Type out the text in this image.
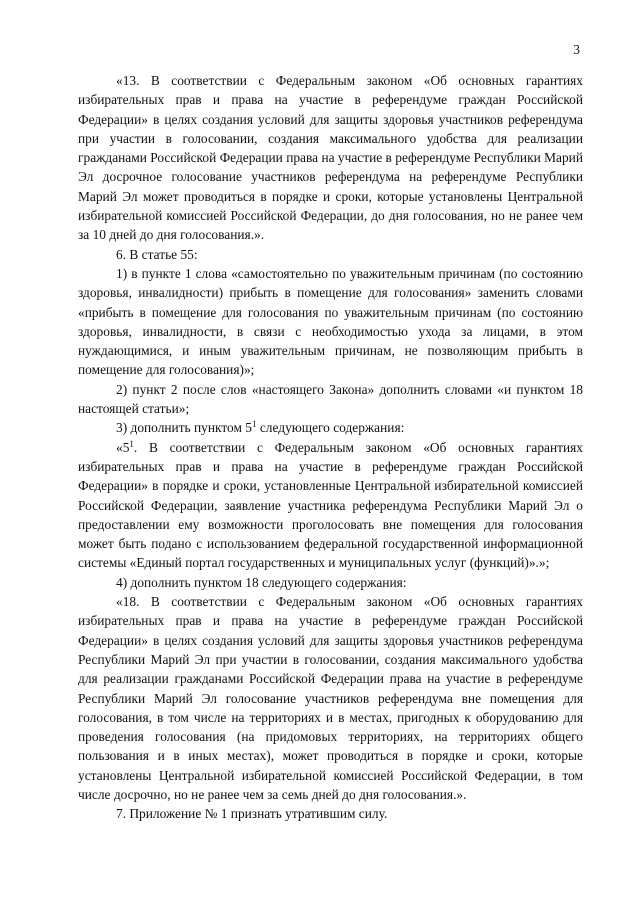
3

«13. В соответствии с Федеральным законом «Об основных гарантиях избирательных прав и права на участие в референдуме граждан Российской Федерации» в целях создания условий для защиты здоровья участников референдума при участии в голосовании, создания максимального удобства для реализации гражданами Российской Федерации права на участие в референдуме Республики Марий Эл досрочное голосование участников референдума на референдуме Республики Марий Эл может проводиться в порядке и сроки, которые установлены Центральной избирательной комиссией Российской Федерации, до дня голосования, но не ранее чем за 10 дней до дня голосования.».

6. В статье 55:

1) в пункте 1 слова «самостоятельно по уважительным причинам (по состоянию здоровья, инвалидности) прибыть в помещение для голосования» заменить словами «прибыть в помещение для голосования по уважительным причинам (по состоянию здоровья, инвалидности, в связи с необходимостью ухода за лицами, в этом нуждающимися, и иным уважительным причинам, не позволяющим прибыть в помещение для голосования)»;

2) пункт 2 после слов «настоящего Закона» дополнить словами «и пунктом 18 настоящей статьи»;

3) дополнить пунктом $5^1$ следующего содержания:

«$5^1$. В соответствии с Федеральным законом «Об основных гарантиях избирательных прав и права на участие в референдуме граждан Российской Федерации» в порядке и сроки, установленные Центральной избирательной комиссией Российской Федерации, заявление участника референдума Республики Марий Эл о предоставлении ему возможности проголосовать вне помещения для голосования может быть подано с использованием федеральной государственной информационной системы «Единый портал государственных и муниципальных услуг (функций)».»;

4) дополнить пунктом 18 следующего содержания:

«18. В соответствии с Федеральным законом «Об основных гарантиях избирательных прав и права на участие в референдуме граждан Российской Федерации» в целях создания условий для защиты здоровья участников референдума Республики Марий Эл при участии в голосовании, создания максимального удобства для реализации гражданами Российской Федерации права на участие в референдуме Республики Марий Эл голосование участников референдума вне помещения для голосования, в том числе на территориях и в местах, пригодных к оборудованию для проведения голосования (на придомовых территориях, на территориях общего пользования и в иных местах), может проводиться в порядке и сроки, которые установлены Центральной избирательной комиссией Российской Федерации, в том числе досрочно, но не ранее чем за семь дней до дня голосования.».

7. Приложение № 1 признать утратившим силу.
